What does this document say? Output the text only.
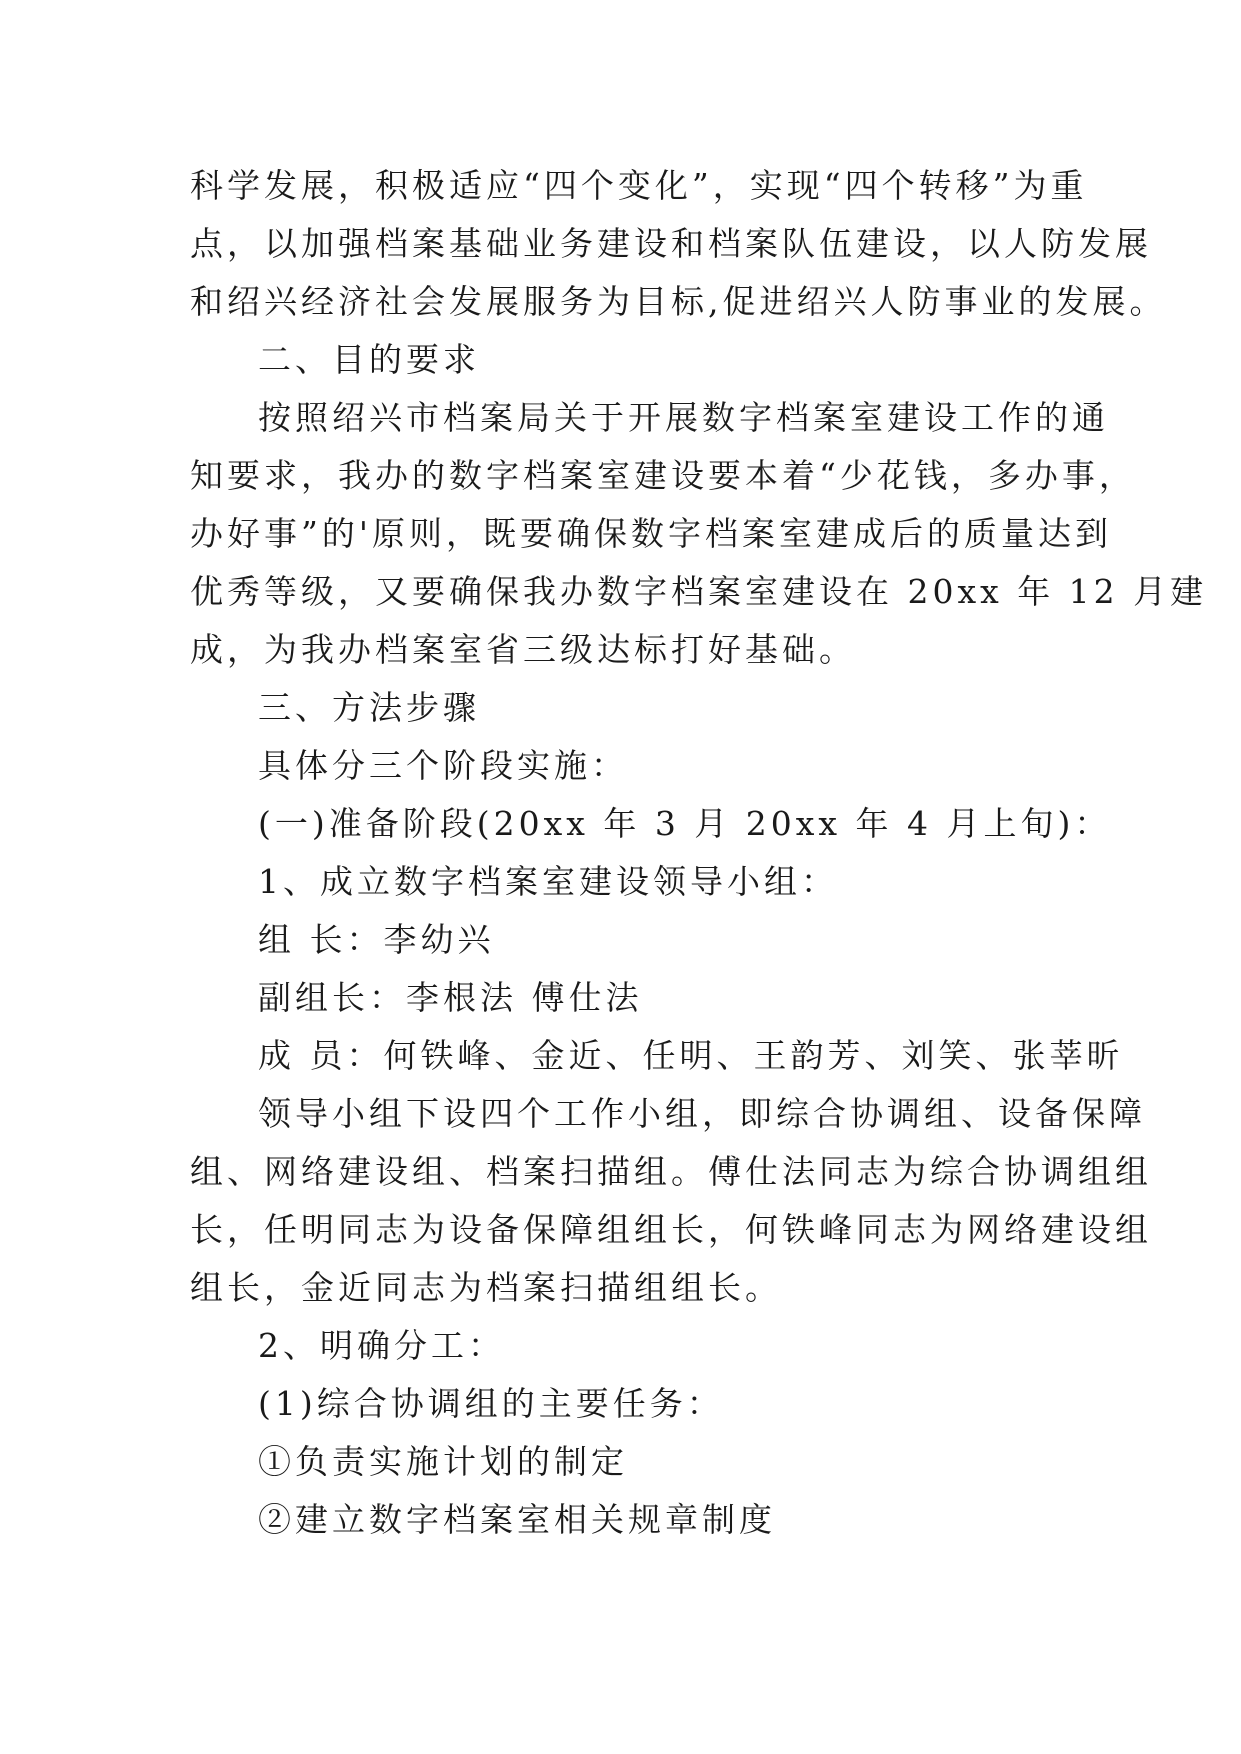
科学发展，积极适应“四个变化”，实现“四个转移”为重
点，以加强档案基础业务建设和档案队伍建设，以人防发展
和绍兴经济社会发展服务为目标,促进绍兴人防事业的发展。
二、目的要求
按照绍兴市档案局关于开展数字档案室建设工作的通
知要求，我办的数字档案室建设要本着“少花钱，多办事，
办好事”的'原则，既要确保数字档案室建成后的质量达到
优秀等级，又要确保我办数字档案室建设在 20xx 年 12 月建
成，为我办档案室省三级达标打好基础。
三、方法步骤
具体分三个阶段实施：
(一)准备阶段(20xx 年 3 月 20xx 年 4 月上旬)：
1、成立数字档案室建设领导小组：
组 长：李幼兴
副组长：李根法 傅仕法
成 员：何铁峰、金近、任明、王韵芳、刘笑、张莘昕
领导小组下设四个工作小组，即综合协调组、设备保障
组、网络建设组、档案扫描组。傅仕法同志为综合协调组组
长，任明同志为设备保障组组长，何铁峰同志为网络建设组
组长，金近同志为档案扫描组组长。
2、明确分工：
(1)综合协调组的主要任务：
①负责实施计划的制定
②建立数字档案室相关规章制度
